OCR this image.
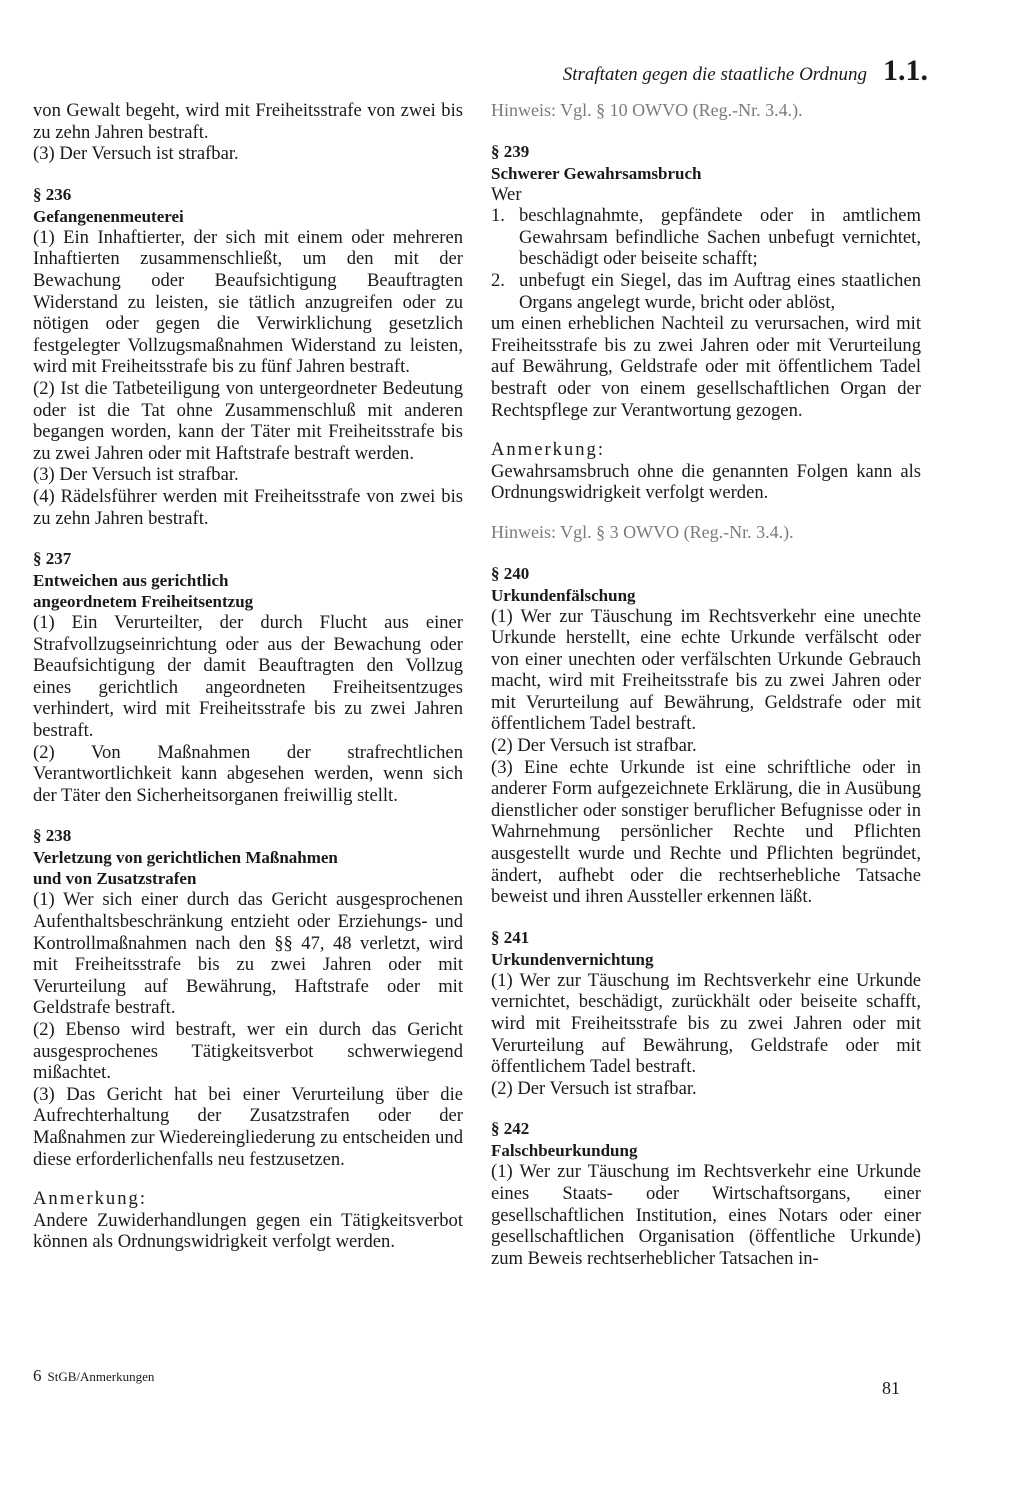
Straftaten gegen die staatliche Ordnung 1.1.

von Gewalt begeht, wird mit Freiheitsstrafe von zwei bis zu zehn Jahren bestraft.

(3) Der Versuch ist strafbar.

§ 236
Gefangenenmeuterei

(1) Ein Inhaftierter, der sich mit einem oder mehreren Inhaftierten zusammenschließt, um den mit der Bewachung oder Beaufsichtigung Beauftragten Widerstand zu leisten, sie tätlich anzugreifen oder zu nötigen oder gegen die Verwirklichung gesetzlich festgelegter Vollzugsmaßnahmen Widerstand zu leisten, wird mit Freiheitsstrafe bis zu fünf Jahren bestraft.

(2) Ist die Tatbeteiligung von untergeordneter Bedeutung oder ist die Tat ohne Zusammenschluß mit anderen begangen worden, kann der Täter mit Freiheitsstrafe bis zu zwei Jahren oder mit Haftstrafe bestraft werden.

(3) Der Versuch ist strafbar.

(4) Rädelsführer werden mit Freiheitsstrafe von zwei bis zu zehn Jahren bestraft.

§ 237
Entweichen aus gerichtlich
angeordnetem Freiheitsentzug

(1) Ein Verurteilter, der durch Flucht aus einer Strafvollzugseinrichtung oder aus der Bewachung oder Beaufsichtigung der damit Beauftragten den Vollzug eines gerichtlich angeordneten Freiheitsentzuges verhindert, wird mit Freiheitsstrafe bis zu zwei Jahren bestraft.

(2) Von Maßnahmen der strafrechtlichen Verantwortlichkeit kann abgesehen werden, wenn sich der Täter den Sicherheitsorganen freiwillig stellt.

§ 238
Verletzung von gerichtlichen Maßnahmen
und von Zusatzstrafen

(1) Wer sich einer durch das Gericht ausgesprochenen Aufenthaltsbeschränkung entzieht oder Erziehungs- und Kontrollmaßnahmen nach den §§ 47, 48 verletzt, wird mit Freiheitsstrafe bis zu zwei Jahren oder mit Verurteilung auf Bewährung, Haftstrafe oder mit Geldstrafe bestraft.

(2) Ebenso wird bestraft, wer ein durch das Gericht ausgesprochenes Tätigkeitsverbot schwerwiegend mißachtet.

(3) Das Gericht hat bei einer Verurteilung über die Aufrechterhaltung der Zusatzstrafen oder der Maßnahmen zur Wiedereingliederung zu entscheiden und diese erforderlichenfalls neu festzusetzen.

Anmerkung:

Andere Zuwiderhandlungen gegen ein Tätigkeitsverbot können als Ordnungswidrigkeit verfolgt werden.

Hinweis: Vgl. § 10 OWVO (Reg.-Nr. 3.4.).

§ 239
Schwerer Gewahrsamsbruch

Wer

1. beschlagnahmte, gepfändete oder in amtlichem Gewahrsam befindliche Sachen unbefugt vernichtet, beschädigt oder beiseite schafft;
2. unbefugt ein Siegel, das im Auftrag eines staatlichen Organs angelegt wurde, bricht oder ablöst,

um einen erheblichen Nachteil zu verursachen, wird mit Freiheitsstrafe bis zu zwei Jahren oder mit Verurteilung auf Bewährung, Geldstrafe oder mit öffentlichem Tadel bestraft oder von einem gesellschaftlichen Organ der Rechtspflege zur Verantwortung gezogen.

Anmerkung:

Gewahrsamsbruch ohne die genannten Folgen kann als Ordnungswidrigkeit verfolgt werden.

Hinweis: Vgl. § 3 OWVO (Reg.-Nr. 3.4.).

§ 240
Urkundenfälschung

(1) Wer zur Täuschung im Rechtsverkehr eine unechte Urkunde herstellt, eine echte Urkunde verfälscht oder von einer unechten oder verfälschten Urkunde Gebrauch macht, wird mit Freiheitsstrafe bis zu zwei Jahren oder mit Verurteilung auf Bewährung, Geldstrafe oder mit öffentlichem Tadel bestraft.

(2) Der Versuch ist strafbar.

(3) Eine echte Urkunde ist eine schriftliche oder in anderer Form aufgezeichnete Erklärung, die in Ausübung dienstlicher oder sonstiger beruflicher Befugnisse oder in Wahrnehmung persönlicher Rechte und Pflichten ausgestellt wurde und Rechte und Pflichten begründet, ändert, aufhebt oder die rechtserhebliche Tatsache beweist und ihren Aussteller erkennen läßt.

§ 241
Urkundenvernichtung

(1) Wer zur Täuschung im Rechtsverkehr eine Urkunde vernichtet, beschädigt, zurückhält oder beiseite schafft, wird mit Freiheitsstrafe bis zu zwei Jahren oder mit Verurteilung auf Bewährung, Geldstrafe oder mit öffentlichem Tadel bestraft.

(2) Der Versuch ist strafbar.

§ 242
Falschbeurkundung

(1) Wer zur Täuschung im Rechtsverkehr eine Urkunde eines Staats- oder Wirtschaftsorgans, einer gesellschaftlichen Institution, eines Notars oder einer gesellschaftlichen Organisation (öffentliche Urkunde) zum Beweis rechtserheblicher Tatsachen in-

6 StGB/Anmerkungen
81
